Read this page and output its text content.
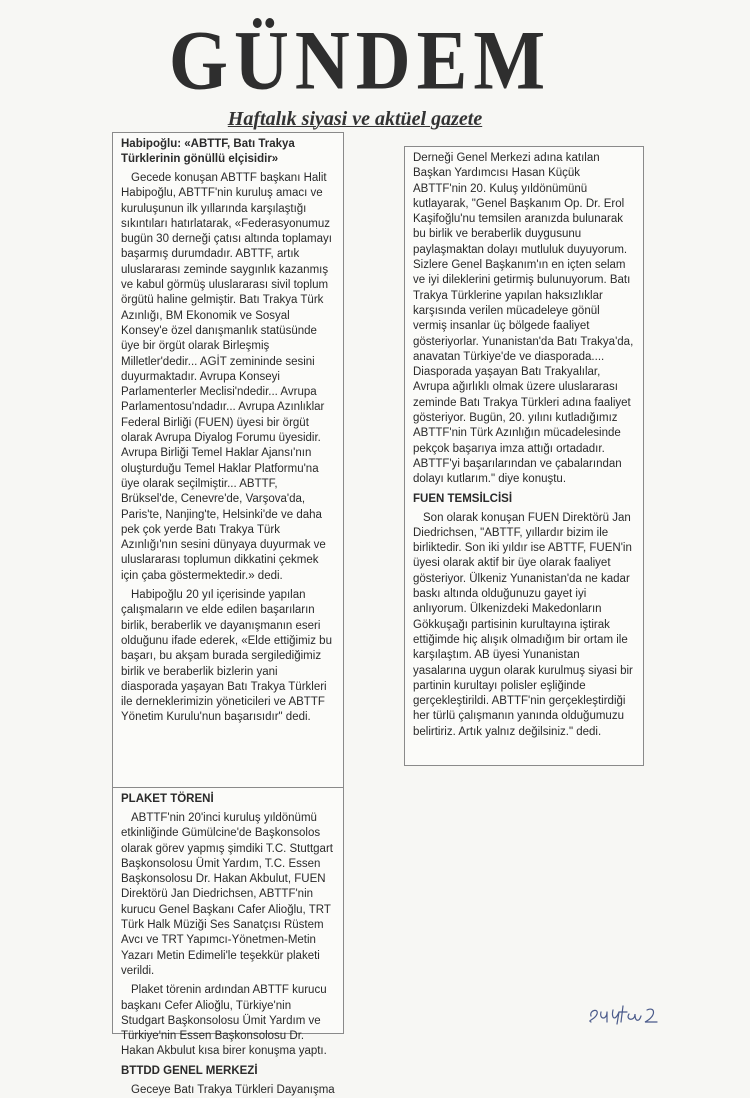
GÜNDEM
Haftalık siyasi ve aktüel gazete

Habipoğlu: «ABTTF, Batı Trakya Türklerinin gönüllü elçisidir»

Gecede konuşan ABTTF başkanı Halit Habipoğlu, ABTTF'nin kuruluş amacı ve kuruluşunun ilk yıllarında karşılaştığı sıkıntıları hatırlatarak, «Federasyonumuz bugün 30 derneği çatısı altında toplamayı başarmış durumdadır. ABTTF, artık uluslararası zeminde saygınlık kazanmış ve kabul görmüş uluslararası sivil toplum örgütü haline gelmiştir. Batı Trakya Türk Azınlığı, BM Ekonomik ve Sosyal Konsey'e özel danışmanlık statüsünde üye bir örgüt olarak Birleşmiş Milletler'dedir... AGİT zemininde sesini duyurmaktadır. Avrupa Konseyi Parlamenterler Meclisi'ndedir... Avrupa Parlamentosu'ndadır... Avrupa Azınlıklar Federal Birliği (FUEN) üyesi bir örgüt olarak Avrupa Diyalog Forumu üyesidir. Avrupa Birliği Temel Haklar Ajansı'nın oluşturduğu Temel Haklar Platformu'na üye olarak seçilmiştir... ABTTF, Brüksel'de, Cenevre'de, Varşova'da, Paris'te, Nanjing'te, Helsinki'de ve daha pek çok yerde Batı Trakya Türk Azınlığı'nın sesini dünyaya duyurmak ve uluslararası toplumun dikkatini çekmek için çaba göstermektedir.» dedi.

Habipoğlu 20 yıl içerisinde yapılan çalışmaların ve elde edilen başarıların birlik, beraberlik ve dayanışmanın eseri olduğunu ifade ederek, «Elde ettiğimiz bu başarı, bu akşam burada sergilediğimiz birlik ve beraberlik bizlerin yani diasporada yaşayan Batı Trakya Türkleri ile derneklerimizin yöneticileri ve ABTTF Yönetim Kurulu'nun başarısıdır" dedi.

PLAKET TÖRENİ

ABTTF'nin 20'inci kuruluş yıldönümü etkinliğinde Gümülcine'de Başkonsolos olarak görev yapmış şimdiki T.C. Stuttgart Başkonsolosu Ümit Yardım, T.C. Essen Başkonsolosu Dr. Hakan Akbulut, FUEN Direktörü Jan Diedrichsen, ABTTF'nin kurucu Genel Başkanı Cafer Alioğlu, TRT Türk Halk Müziği Ses Sanatçısı Rüstem Avcı ve TRT Yapımcı-Yönetmen-Metin Yazarı Metin Edimeli'le teşekkür plaketi verildi.

Plaket törenin ardından ABTTF kurucu başkanı Cefer Alioğlu, Türkiye'nin Studgart Başkonsolosu Ümit Yardım ve Türkiye'nin Essen Başkonsolosu Dr. Hakan Akbulut kısa birer konuşma yaptı.

BTTDD GENEL MERKEZİ

Geceye Batı Trakya Türkleri Dayanışma

Derneği Genel Merkezi adına katılan Başkan Yardımcısı Hasan Küçük ABTTF'nin 20. Kuluş yıldönümünü kutlayarak, "Genel Başkanım Op. Dr. Erol Kaşifoğlu'nu temsilen aranızda bulunarak bu birlik ve beraberlik duygusunu paylaşmaktan dolayı mutluluk duyuyorum. Sizlere Genel Başkanım'ın en içten selam ve iyi dileklerini getirmiş bulunuyorum. Batı Trakya Türklerine yapılan haksızlıklar karşısında verilen mücadeleye gönül vermiş insanlar üç bölgede faaliyet gösteriyorlar. Yunanistan'da Batı Trakya'da, anavatan Türkiye'de ve diasporada.... Diasporada yaşayan Batı Trakyalılar, Avrupa ağırlıklı olmak üzere uluslararası zeminde Batı Trakya Türkleri adına faaliyet gösteriyor. Bugün, 20. yılını kutladığımız ABTTF'nin Türk Azınlığın mücadelesinde pekçok başarıya imza attığı ortadadır. ABTTF'yi başarılarından ve çabalarından dolayı kutlarım." diye konuştu.

FUEN TEMSİLCİSİ

Son olarak konuşan FUEN Direktörü Jan Diedrichsen, "ABTTF, yıllardır bizim ile birliktedir. Son iki yıldır ise ABTTF, FUEN'in üyesi olarak aktif bir üye olarak faaliyet gösteriyor. Ülkeniz Yunanistan'da ne kadar baskı altında olduğunuzu gayet iyi anlıyorum. Ülkenizdeki Makedonların Gökkuşağı partisinin kurultayına iştirak ettiğimde hiç alışık olmadığım bir ortam ile karşılaştım. AB üyesi Yunanistan yasalarına uygun olarak kurulmuş siyasi bir partinin kurultayı polisler eşliğinde gerçekleştirildi. ABTTF'nin gerçekleştirdiği her türlü çalışmanın yanında olduğumuzu belirtiriz. Artık yalnız değilsiniz." dedi.
